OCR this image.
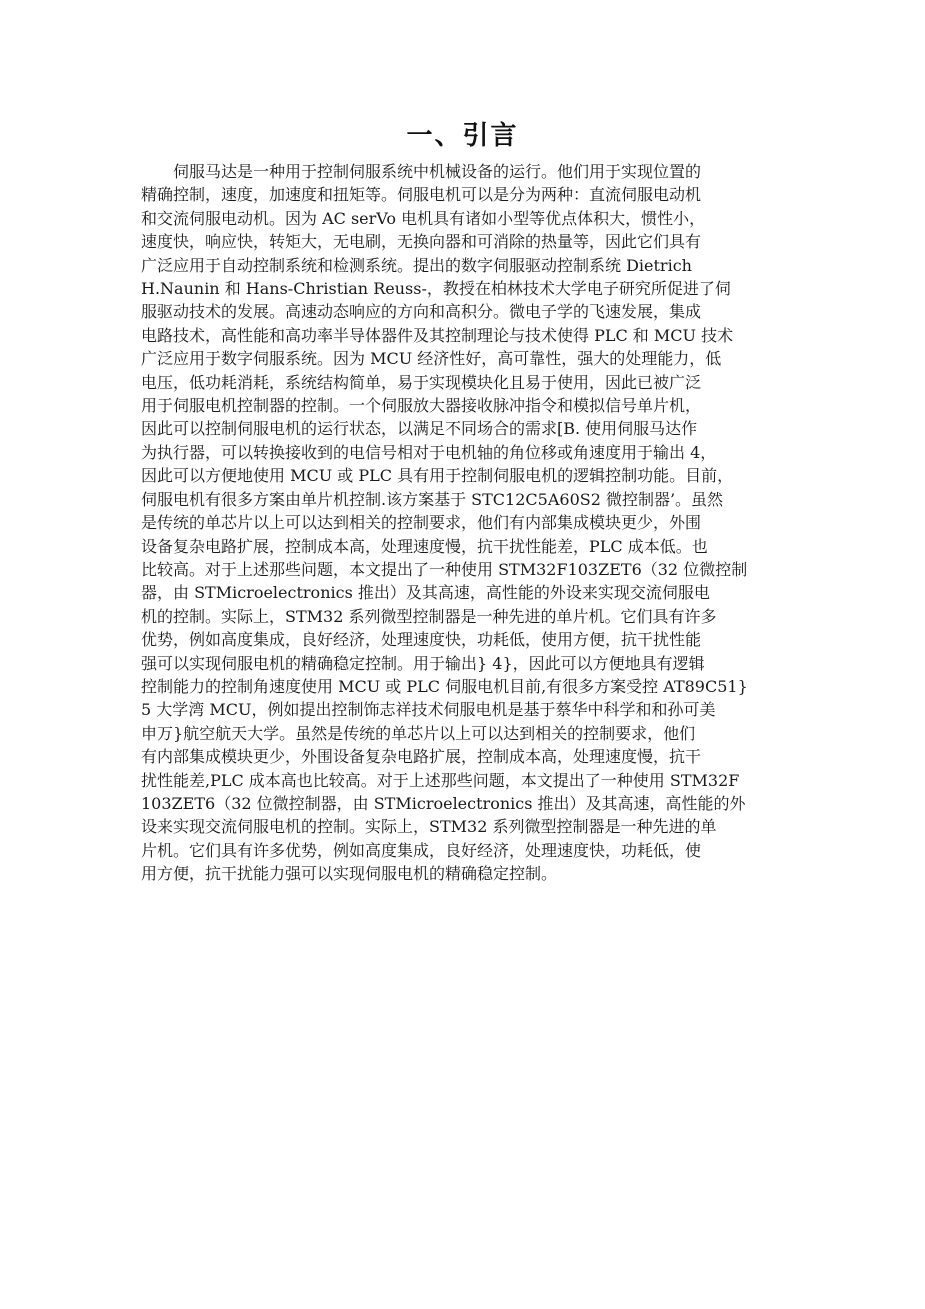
一、引言
伺服马达是一种用于控制伺服系统中机械设备的运行。他们用于实现位置的
精确控制，速度，加速度和扭矩等。伺服电机可以是分为两种：直流伺服电动机
和交流伺服电动机。因为 AC serVo 电机具有诸如小型等优点体积大，惯性小，
速度快，响应快，转矩大，无电刷，无换向器和可消除的热量等，因此它们具有
广泛应用于自动控制系统和检测系统。提出的数字伺服驱动控制系统 Dietrich
H.Naunin 和 Hans-Christian Reuss-，教授在柏林技术大学电子研究所促进了伺
服驱动技术的发展。高速动态响应的方向和高积分。微电子学的飞速发展，集成
电路技术，高性能和高功率半导体器件及其控制理论与技术使得 PLC 和 MCU 技术
广泛应用于数字伺服系统。因为 MCU 经济性好，高可靠性，强大的处理能力，低
电压，低功耗消耗，系统结构简单，易于实现模块化且易于使用，因此已被广泛
用于伺服电机控制器的控制。一个伺服放大器接收脉冲指令和模拟信号单片机，
因此可以控制伺服电机的运行状态，以满足不同场合的需求[B. 使用伺服马达作
为执行器，可以转换接收到的电信号相对于电机轴的角位移或角速度用于输出 4，
因此可以方便地使用 MCU 或 PLC 具有用于控制伺服电机的逻辑控制功能。目前，
伺服电机有很多方案由单片机控制.该方案基于 STC12C5A60S2 微控制器’。虽然
是传统的单芯片以上可以达到相关的控制要求，他们有内部集成模块更少，外围
设备复杂电路扩展，控制成本高，处理速度慢，抗干扰性能差，PLC 成本低。也
比较高。对于上述那些问题，本文提出了一种使用 STM32F103ZET6（32 位微控制
器，由 STMicroelectronics 推出）及其高速，高性能的外设来实现交流伺服电
机的控制。实际上，STM32 系列微型控制器是一种先进的单片机。它们具有许多
优势，例如高度集成，良好经济，处理速度快，功耗低，使用方便，抗干扰性能
强可以实现伺服电机的精确稳定控制。用于输出} 4}，因此可以方便地具有逻辑
控制能力的控制角速度使用 MCU 或 PLC 伺服电机目前,有很多方案受控 AT89C51}
5 大学湾 MCU，例如提出控制饰志祥技术伺服电机是基于蔡华中科学和和孙可美
申万}航空航天大学。虽然是传统的单芯片以上可以达到相关的控制要求，他们
有内部集成模块更少，外围设备复杂电路扩展，控制成本高，处理速度慢，抗干
扰性能差,PLC 成本高也比较高。对于上述那些问题，本文提出了一种使用 STM32F
103ZET6（32 位微控制器，由 STMicroelectronics 推出）及其高速，高性能的外
设来实现交流伺服电机的控制。实际上，STM32 系列微型控制器是一种先进的单
片机。它们具有许多优势，例如高度集成，良好经济，处理速度快，功耗低，使
用方便，抗干扰能力强可以实现伺服电机的精确稳定控制。
